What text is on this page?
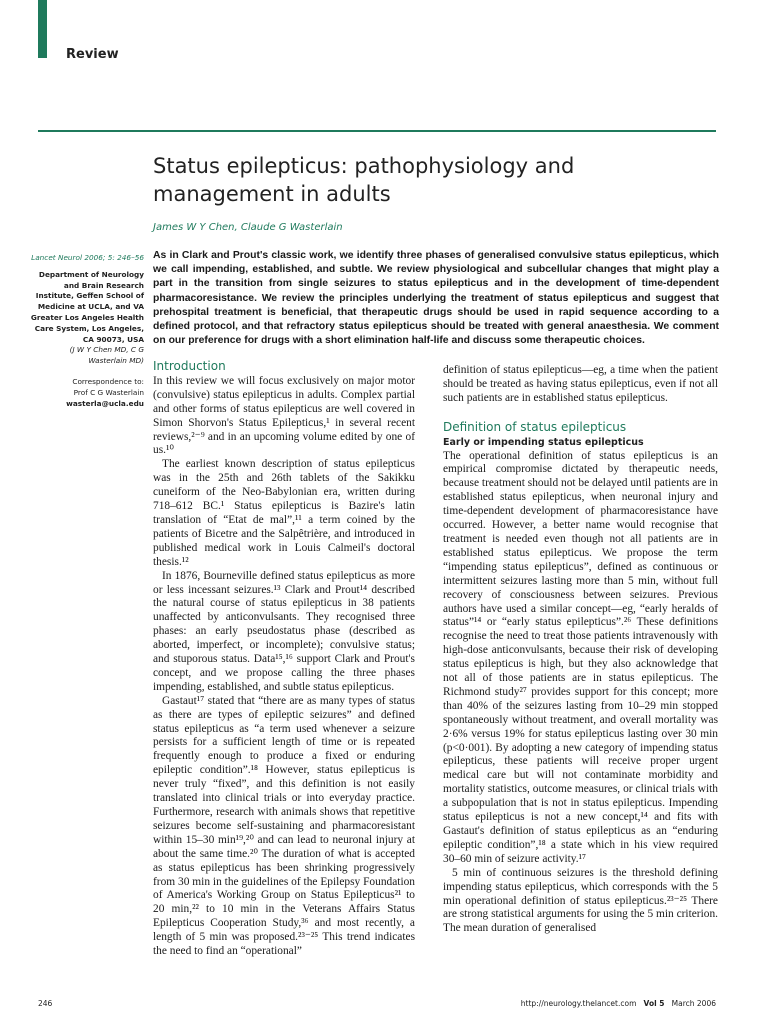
Review
Status epilepticus: pathophysiology and management in adults
James W Y Chen, Claude G Wasterlain
Lancet Neurol 2006; 5: 246–56
Department of Neurology and Brain Research Institute, Geffen School of Medicine at UCLA, and VA Greater Los Angeles Health Care System, Los Angeles, CA 90073, USA
(J W Y Chen MD, C G Wasterlain MD)
Correspondence to:
Prof C G Wasterlain
wasterla@ucla.edu

As in Clark and Prout's classic work, we identify three phases of generalised convulsive status epilepticus, which we call impending, established, and subtle. We review physiological and subcellular changes that might play a part in the transition from single seizures to status epilepticus and in the development of time-dependent pharmacoresistance. We review the principles underlying the treatment of status epilepticus and suggest that prehospital treatment is beneficial, that therapeutic drugs should be used in rapid sequence according to a defined protocol, and that refractory status epilepticus should be treated with general anaesthesia. We comment on our preference for drugs with a short elimination half-life and discuss some therapeutic choices.

Introduction

In this review we will focus exclusively on major motor (convulsive) status epilepticus in adults. Complex partial and other forms of status epilepticus are well covered in Simon Shorvon's Status Epilepticus,¹ in several recent reviews,²⁻⁹ and in an upcoming volume edited by one of us.¹⁰

The earliest known description of status epilepticus was in the 25th and 26th tablets of the Sakikku cuneiform of the Neo-Babylonian era, written during 718–612 BC.¹ Status epilepticus is Bazire's latin translation of “Etat de mal”,¹¹ a term coined by the patients of Bicetre and the Salpêtrière, and introduced in published medical work in Louis Calmeil's doctoral thesis.¹²

In 1876, Bourneville defined status epilepticus as more or less incessant seizures.¹³ Clark and Prout¹⁴ described the natural course of status epilepticus in 38 patients unaffected by anticonvulsants. They recognised three phases: an early pseudostatus phase (described as aborted, imperfect, or incomplete); convulsive status; and stuporous status. Data¹⁵,¹⁶ support Clark and Prout's concept, and we propose calling the three phases impending, established, and subtle status epilepticus.

Gastaut¹⁷ stated that “there are as many types of status as there are types of epileptic seizures” and defined status epilepticus as “a term used whenever a seizure persists for a sufficient length of time or is repeated frequently enough to produce a fixed or enduring epileptic condition”.¹⁸ However, status epilepticus is never truly “fixed”, and this definition is not easily translated into clinical trials or into everyday practice. Furthermore, research with animals shows that repetitive seizures become self-sustaining and pharmacoresistant within 15–30 min¹⁹,²⁰ and can lead to neuronal injury at about the same time.²⁰ The duration of what is accepted as status epilepticus has been shrinking progressively from 30 min in the guidelines of the Epilepsy Foundation of America's Working Group on Status Epilepticus²¹ to 20 min,²² to 10 min in the Veterans Affairs Status Epilepticus Cooperation Study,³⁶ and most recently, a length of 5 min was proposed.²³⁻²⁵ This trend indicates the need to find an “operational”

definition of status epilepticus—eg, a time when the patient should be treated as having status epilepticus, even if not all such patients are in established status epilepticus.

Definition of status epilepticus
Early or impending status epilepticus

The operational definition of status epilepticus is an empirical compromise dictated by therapeutic needs, because treatment should not be delayed until patients are in established status epilepticus, when neuronal injury and time-dependent development of pharmacoresistance have occurred. However, a better name would recognise that treatment is needed even though not all patients are in established status epilepticus. We propose the term “impending status epilepticus”, defined as continuous or intermittent seizures lasting more than 5 min, without full recovery of consciousness between seizures. Previous authors have used a similar concept—eg, “early heralds of status”¹⁴ or “early status epilepticus”.²⁶ These definitions recognise the need to treat those patients intravenously with high-dose anticonvulsants, because their risk of developing status epilepticus is high, but they also acknowledge that not all of those patients are in status epilepticus. The Richmond study²⁷ provides support for this concept; more than 40% of the seizures lasting from 10–29 min stopped spontaneously without treatment, and overall mortality was 2·6% versus 19% for status epilepticus lasting over 30 min (p<0·001). By adopting a new category of impending status epilepticus, these patients will receive proper urgent medical care but will not contaminate morbidity and mortality statistics, outcome measures, or clinical trials with a subpopulation that is not in status epilepticus. Impending status epilepticus is not a new concept,¹⁴ and fits with Gastaut's definition of status epilepticus as an “enduring epileptic condition”,¹⁸ a state which in his view required 30–60 min of seizure activity.¹⁷

5 min of continuous seizures is the threshold defining impending status epilepticus, which corresponds with the 5 min operational definition of status epilepticus.²³⁻²⁵ There are strong statistical arguments for using the 5 min criterion. The mean duration of generalised

246	http://neurology.thelancet.com Vol 5 March 2006
